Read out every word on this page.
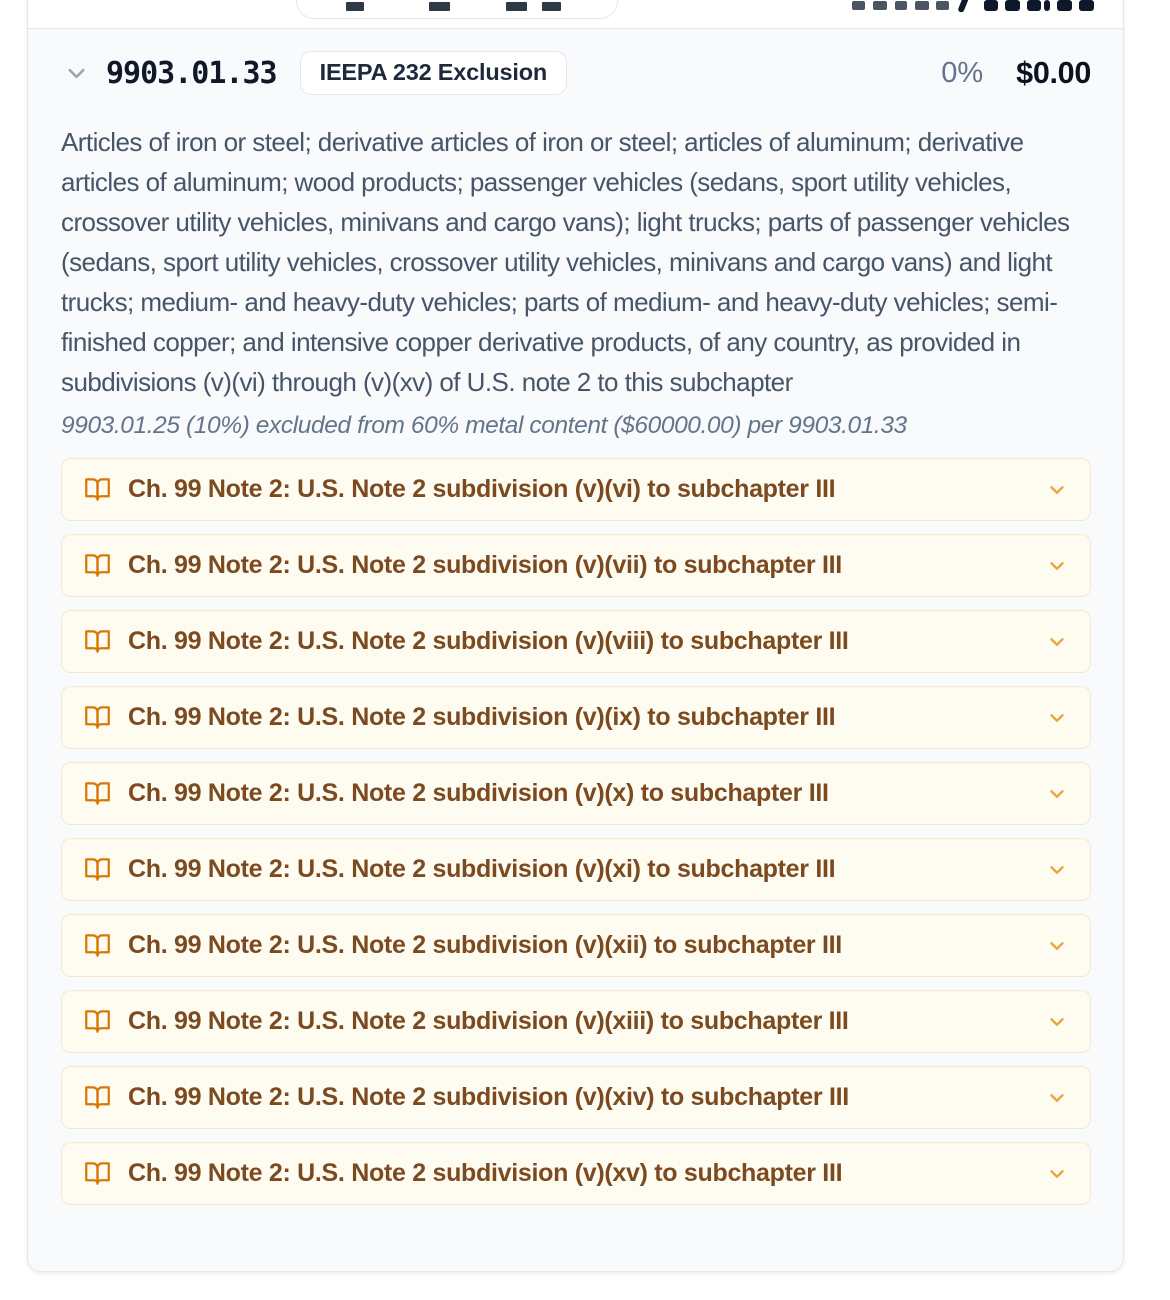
9903.01.33	IEEPA 232 Exclusion	0% $0.00

Articles of iron or steel; derivative articles of iron or steel; articles of aluminum; derivative articles of aluminum; wood products; passenger vehicles (sedans, sport utility vehicles, crossover utility vehicles, minivans and cargo vans); light trucks; parts of passenger vehicles (sedans, sport utility vehicles, crossover utility vehicles, minivans and cargo vans) and light trucks; medium- and heavy-duty vehicles; parts of medium- and heavy-duty vehicles; semi-finished copper; and intensive copper derivative products, of any country, as provided in subdivisions (v)(vi) through (v)(xv) of U.S. note 2 to this subchapter

9903.01.25 (10%) excluded from 60% metal content ($60000.00) per 9903.01.33

Ch. 99 Note 2: U.S. Note 2 subdivision (v)(vi) to subchapter III
Ch. 99 Note 2: U.S. Note 2 subdivision (v)(vii) to subchapter III
Ch. 99 Note 2: U.S. Note 2 subdivision (v)(viii) to subchapter III
Ch. 99 Note 2: U.S. Note 2 subdivision (v)(ix) to subchapter III
Ch. 99 Note 2: U.S. Note 2 subdivision (v)(x) to subchapter III
Ch. 99 Note 2: U.S. Note 2 subdivision (v)(xi) to subchapter III
Ch. 99 Note 2: U.S. Note 2 subdivision (v)(xii) to subchapter III
Ch. 99 Note 2: U.S. Note 2 subdivision (v)(xiii) to subchapter III
Ch. 99 Note 2: U.S. Note 2 subdivision (v)(xiv) to subchapter III
Ch. 99 Note 2: U.S. Note 2 subdivision (v)(xv) to subchapter III
